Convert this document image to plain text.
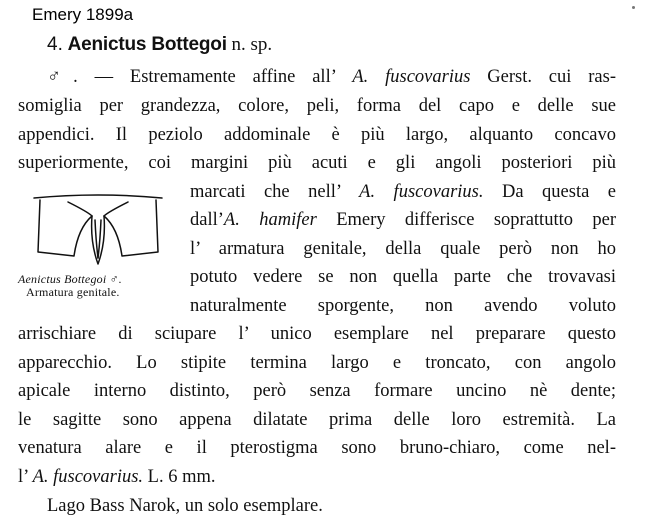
Emery 1899a
4. Aenictus Bottegoi n. sp.
♂. — Estremamente affine all’ A. fuscovarius Gerst. cui ras-
somiglia per grandezza, colore, peli, forma del capo e delle sue
appendici. Il peziolo addominale è più largo, alquanto concavo
superiormente, coi margini più acuti e gli angoli posteriori più
marcati che nell’ A. fuscovarius. Da questa e
dall’A. hamifer Emery differisce soprattutto per
l’ armatura genitale, della quale però non ho
potuto vedere se non quella parte che trovavasi
naturalmente sporgente, non avendo voluto
arrischiare di sciupare l’ unico esemplare nel preparare questo
apparecchio. Lo stipite termina largo e troncato, con angolo
apicale interno distinto, però senza formare uncino nè dente;
le sagitte sono appena dilatate prima delle loro estremità. La
venatura alare e il pterostigma sono bruno-chiaro, come nel-
l’ A. fuscovarius. L. 6 mm.
Lago Bass Narok, un solo esemplare.
Aenictus Bottegoi ♂.
Armatura genitale.
